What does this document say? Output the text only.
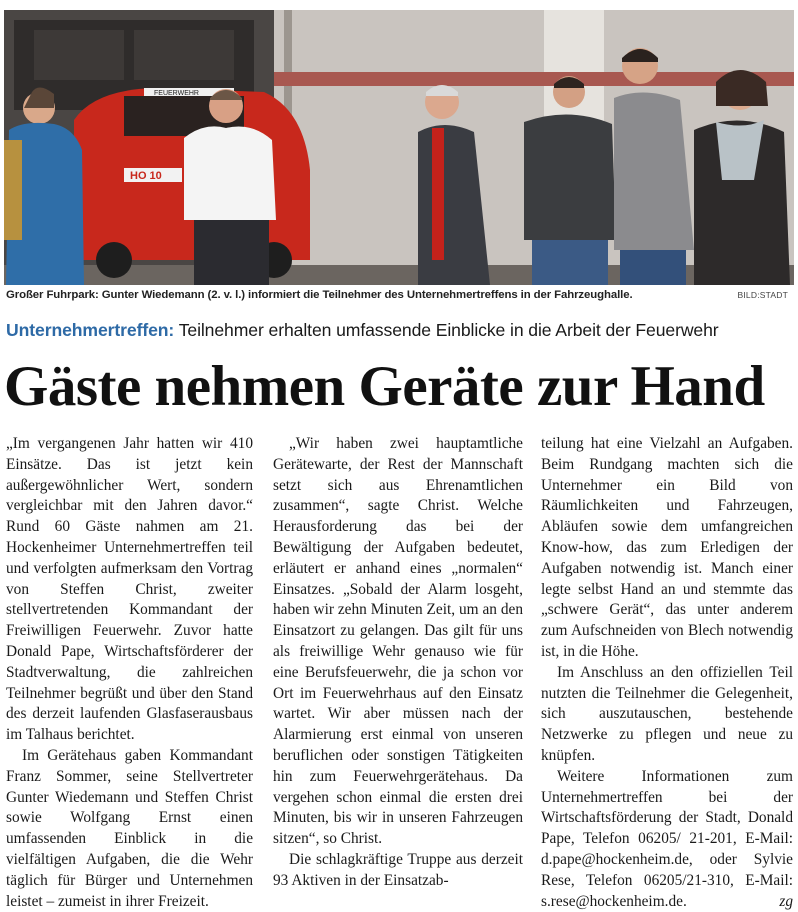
FEUERWEHR
HO 10
Großer Fuhrpark: Gunter Wiedemann (2. v. l.) informiert die Teilnehmer des Unternehmertreffens in der Fahrzeughalle.	BILD:STADT
Unternehmertreffen: Teilnehmer erhalten umfassende Einblicke in die Arbeit der Feuerwehr
Gäste nehmen Geräte zur Hand

„Im vergangenen Jahr hatten wir 410 Einsätze. Das ist jetzt kein außergewöhnlicher Wert, sondern vergleichbar mit den Jahren davor.“ Rund 60 Gäste nahmen am 21. Hockenheimer Unternehmertreffen teil und verfolgten aufmerksam den Vortrag von Steffen Christ, zweiter stellvertretenden Kommandant der Freiwilligen Feuerwehr. Zuvor hatte Donald Pape, Wirtschaftsförderer der Stadtverwaltung, die zahlreichen Teilnehmer begrüßt und über den Stand des derzeit laufenden Glasfaserausbaus im Talhaus berichtet.

Im Gerätehaus gaben Kommandant Franz Sommer, seine Stellvertreter Gunter Wiedemann und Steffen Christ sowie Wolfgang Ernst einen umfassenden Einblick in die vielfältigen Aufgaben, die die Wehr täglich für Bürger und Unternehmen leistet – zumeist in ihrer Freizeit.

„Wir haben zwei hauptamtliche Gerätewarte, der Rest der Mannschaft setzt sich aus Ehrenamtlichen zusammen“, sagte Christ. Welche Herausforderung das bei der Bewältigung der Aufgaben bedeutet, erläutert er anhand eines „normalen“ Einsatzes. „Sobald der Alarm losgeht, haben wir zehn Minuten Zeit, um an den Einsatzort zu gelangen. Das gilt für uns als freiwillige Wehr genauso wie für eine Berufsfeuerwehr, die ja schon vor Ort im Feuerwehrhaus auf den Einsatz wartet. Wir aber müssen nach der Alarmierung erst einmal von unseren beruflichen oder sonstigen Tätigkeiten hin zum Feuerwehrgerätehaus. Da vergehen schon einmal die ersten drei Minuten, bis wir in unseren Fahrzeugen sitzen“, so Christ.

Die schlagkräftige Truppe aus derzeit 93 Aktiven in der Einsatzab-

teilung hat eine Vielzahl an Aufgaben. Beim Rundgang machten sich die Unternehmer ein Bild von Räumlichkeiten und Fahrzeugen, Abläufen sowie dem umfangreichen Know-how, das zum Erledigen der Aufgaben notwendig ist. Manch einer legte selbst Hand an und stemmte das „schwere Gerät“, das unter anderem zum Aufschneiden von Blech notwendig ist, in die Höhe.

Im Anschluss an den offiziellen Teil nutzten die Teilnehmer die Gelegenheit, sich auszutauschen, bestehende Netzwerke zu pflegen und neue zu knüpfen.

Weitere Informationen zum Unternehmertreffen bei der Wirtschaftsförderung der Stadt, Donald Pape, Telefon 06205/ 21-201, E-Mail: d.pape@hockenheim.de, oder Sylvie Rese, Telefon 06205/21-310, E-Mail: s.rese@hockenheim.de.	zg
